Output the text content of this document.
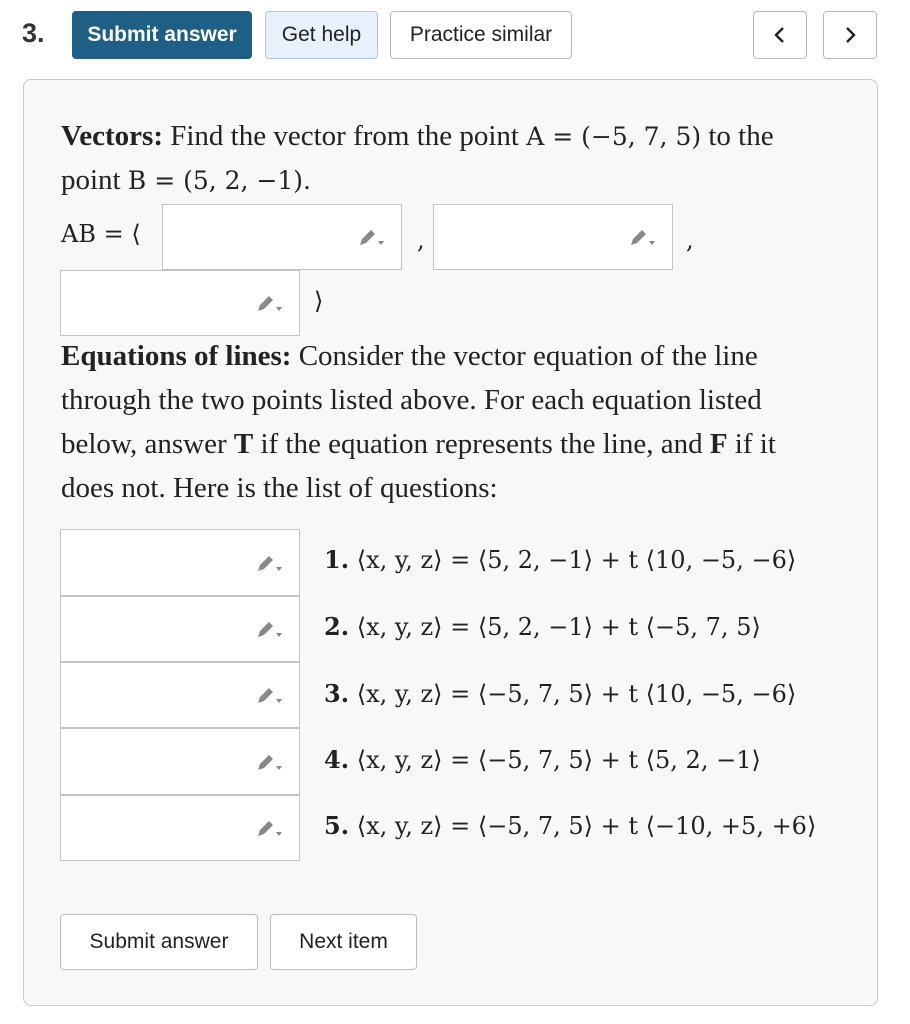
3.	Submit answer	Get help	Practice similar
Vectors: Find the vector from the point A = (−5, 7, 5) to the
point B = (5, 2, −1).
AB = ⟨	,	,
⟩
Equations of lines: Consider the vector equation of the line
through the two points listed above. For each equation listed
below, answer T if the equation represents the line, and F if it
does not. Here is the list of questions:
1. ⟨x, y, z⟩ = ⟨5, 2, −1⟩ + t ⟨10, −5, −6⟩
2. ⟨x, y, z⟩ = ⟨5, 2, −1⟩ + t ⟨−5, 7, 5⟩
3. ⟨x, y, z⟩ = ⟨−5, 7, 5⟩ + t ⟨10, −5, −6⟩
4. ⟨x, y, z⟩ = ⟨−5, 7, 5⟩ + t ⟨5, 2, −1⟩
5. ⟨x, y, z⟩ = ⟨−5, 7, 5⟩ + t ⟨−10, +5, +6⟩
Submit answer	Next item
